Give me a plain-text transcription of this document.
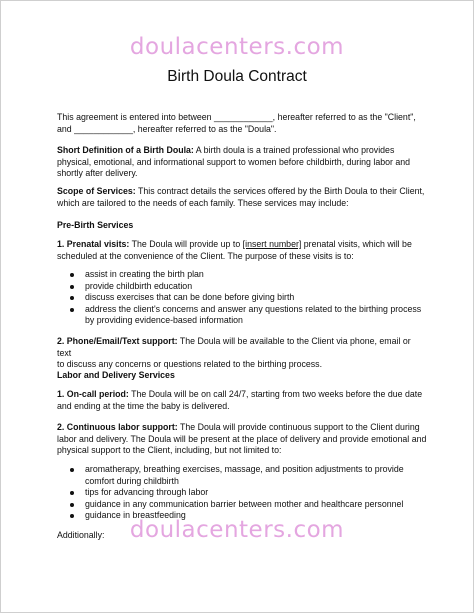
doulacenters.com
Birth Doula Contract
This agreement is entered into between ____________, hereafter referred to as the "Client",
and ____________, hereafter referred to as the "Doula".
Short Definition of a Birth Doula: A birth doula is a trained professional who provides
physical, emotional, and informational support to women before childbirth, during labor and
shortly after delivery.
Scope of Services: This contract details the services offered by the Birth Doula to their Client,
which are tailored to the needs of each family. These services may include:
Pre-Birth Services
1. Prenatal visits: The Doula will provide up to [insert number] prenatal visits, which will be
scheduled at the convenience of the Client. The purpose of these visits is to:
assist in creating the birth plan
provide childbirth education
discuss exercises that can be done before giving birth
address the client's concerns and answer any questions related to the birthing process
by providing evidence-based information
2. Phone/Email/Text support: The Doula will be available to the Client via phone, email or text
to discuss any concerns or questions related to the birthing process.
Labor and Delivery Services
1. On-call period: The Doula will be on call 24/7, starting from two weeks before the due date
and ending at the time the baby is delivered.
2. Continuous labor support: The Doula will provide continuous support to the Client during
labor and delivery. The Doula will be present at the place of delivery and provide emotional and
physical support to the Client, including, but not limited to:
aromatherapy, breathing exercises, massage, and position adjustments to provide
comfort during childbirth
tips for advancing through labor
guidance in any communication barrier between mother and healthcare personnel
guidance in breastfeeding
Additionally:	doulacenters.com
